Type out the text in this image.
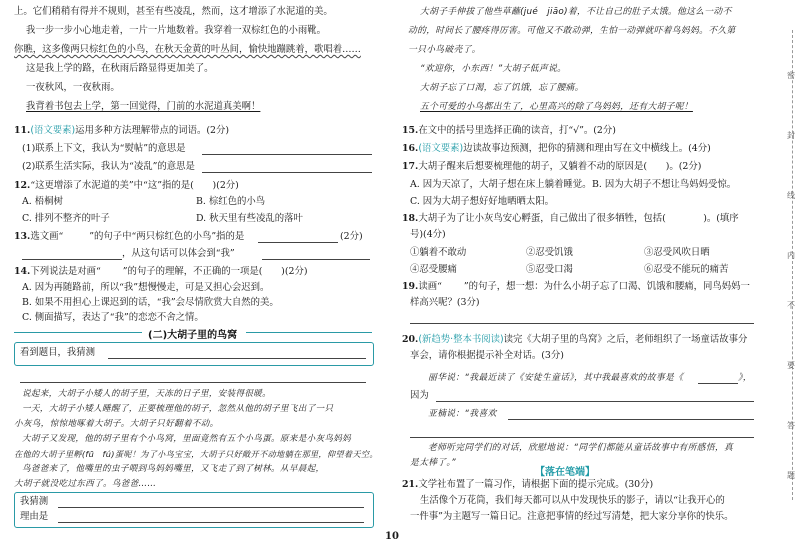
上。它们稍稍有得并不规则，甚至有些凌乱，然而，这才增添了水泥道的美。
我一步一步小心地走着，一片一片地数着。我穿着一双棕红色的小雨靴。
你瞧，这多像两只棕红色的小鸟，在秋天金黄的叶丛间，愉快地蹦跳着，歌唱着……
这是我上学的路，在秋雨后路显得更加美了。
一夜秋风，一夜秋雨。
我背着书包去上学，第一回觉得，门前的水泥道真美啊！
11.(语文要素)运用多种方法理解带点的词语。(2分)
(1)联系上下文，我认为“熨帖”的意思是
(2)联系生活实际，我认为“凌乱”的意思是
12.“这更增添了水泥道的美”中“这”指的是(　　)(2分)
A. 梧桐树	B. 棕红色的小鸟
C. 排列不整齐的叶子	D. 秋天里有些凌乱的落叶
13.选文画“	”的句子中“两只棕红色的小鸟”指的是	(2分)
，从这句话可以体会到“我”
14.下列说法是对画“ ”的句子的理解，不正确的一项是(　　)(2分)
A. 因为再随路前，所以“我”想慢慢走，可是又担心会迟到。
B. 如果不用担心上课迟到的话，“我”会尽情欣赏大自然的美。
C. 侧面描写，表达了“我”的恋恋不舍之情。
(二)大胡子里的鸟窝
看到题目，我猜测
说起来，大胡子小矮人的胡子里，天冻的日子里，安装得很暖。
一天，大胡子小矮人睡醒了，正要梳理他的胡子，忽然从他的胡子里飞出了一只
小灰鸟，惊惊地啄着大胡子。大胡子只好翻着不动。
大胡子又发现，他的胡子里有个小鸟窝，里面竟然有五个小鸟蛋。原来是小灰鸟妈妈
在他的大胡子里孵(fū　fú)蛋呢！为了小鸟宝宝，大胡子只好敞开不动地躺在那里，仰望着天空。
鸟爸爸来了，他嘴里的虫子喂到鸟妈妈嘴里，又飞走了到了树林。从早晨起，
大胡子就没吃过东西了。鸟爸爸……
我猜测
理由是
大胡子手伸拔了他些草蘸(jué　jiāo)着，不让自己的肚子太饿。他这么一动不
动的，时间长了腰疼得厉害。可他又不敢动弹，生怕一动弹就吓着鸟妈妈。不久第
一只小鸟破壳了。
“欢迎你，小东西！”大胡子低声说。
大胡子忘了口渴，忘了饥饿，忘了腰痛。
五个可爱的小鸟都出生了，心里高兴的除了鸟妈妈，还有大胡子呢！
15.在文中的括号里选择正确的读音，打“√”。(2分)
16.(语文要素)边读故事边预测，把你的猜测和理由写在文中横线上。(4分)
17.大胡子醒来后想要梳理他的胡子，又躺着不动的原因是(　　)。(2分)
A. 因为天凉了，大胡子想在床上躺着睡觉。 B. 因为大胡子不想让鸟妈妈受惊。
C. 因为大胡子想好好地晒晒太阳。
18.大胡子为了让小灰鸟安心孵蛋，自己做出了很多牺牲，包括(　　　　)。(填序
号)(4分)
①躺着不敢动	②忍受饥饿	③忍受风吹日晒
④忍受腰痛	⑤忍受口渴	⑥忍受不能玩的痛苦
19.读画“ ”的句子，想一想：为什么小胡子忘了口渴、饥饿和腰痛，同鸟妈妈一
样高兴呢？(3分)
20.(新趋势·整本书阅读)读完《大胡子里的鸟窝》之后，老师组织了一场童话故事分
享会，请你根据提示补全对话。(3分)
丽华说：“我最近读了《安徒生童话》，其中我最喜欢的故事是《	》，
因为
亚楠说：“我喜欢
老师听完同学们的对话，欣慰地说：“同学们都能从童话故事中有所感悟，真
是太棒了。”
【落在笔端】
21.文学社布置了一篇习作，请根据下面的提示完成。(30分)
生活像个万花筒，我们每天都可以从中发现快乐的影子，请以“让我开心的
一件事”为主题写一篇日记。注意把事情的经过写清楚，把大家分享你的快乐。
10
密
封
线
内
不
要
答
题
